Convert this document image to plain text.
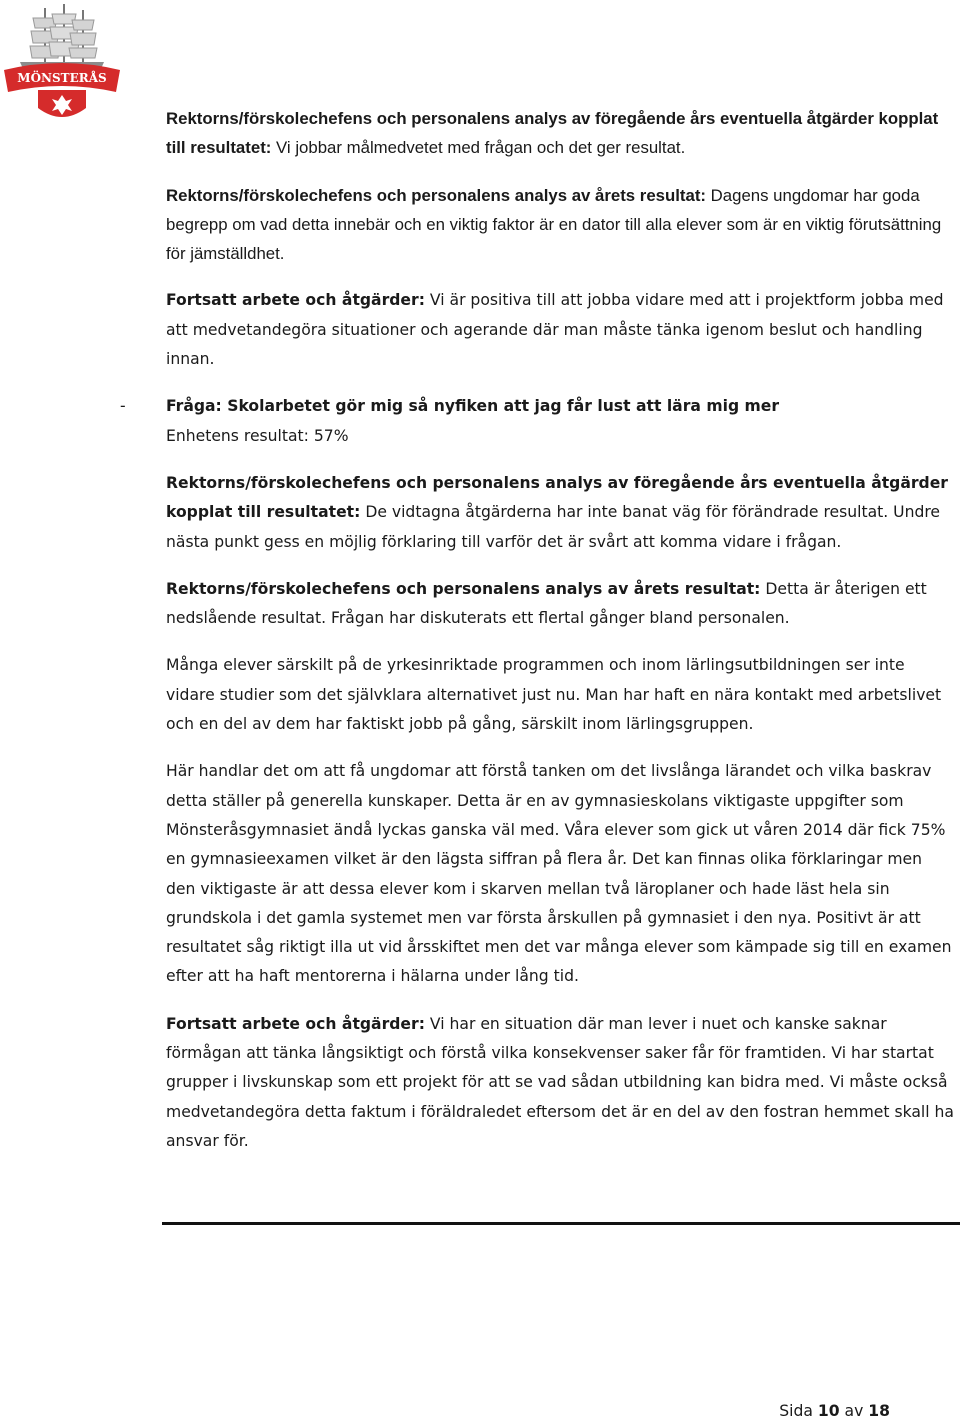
MÖNSTERÅS

Rektorns/förskolechefens och personalens analys av föregående års eventuella åtgärder kopplat till resultatet: Vi jobbar målmedvetet med frågan och det ger resultat.

Rektorns/förskolechefens och personalens analys av årets resultat: Dagens ungdomar har goda begrepp om vad detta innebär och en viktig faktor är en dator till alla elever som är en viktig förutsättning för jämställdhet.

Fortsatt arbete och åtgärder: Vi är positiva till att jobba vidare med att i projektform jobba med att medvetandegöra situationer och agerande där man måste tänka igenom beslut och handling innan.

-	Fråga: Skolarbetet gör mig så nyfiken att jag får lust att lära mig mer
Enhetens resultat: 57%

Rektorns/förskolechefens och personalens analys av föregående års eventuella åtgärder kopplat till resultatet: De vidtagna åtgärderna har inte banat väg för förändrade resultat. Undre nästa punkt gess en möjlig förklaring till varför det är svårt att komma vidare i frågan.

Rektorns/förskolechefens och personalens analys av årets resultat: Detta är återigen ett nedslående resultat. Frågan har diskuterats ett flertal gånger bland personalen.

Många elever särskilt på de yrkesinriktade programmen och inom lärlingsutbildningen ser inte vidare studier som det självklara alternativet just nu. Man har haft en nära kontakt med arbetslivet och en del av dem har faktiskt jobb på gång, särskilt inom lärlingsgruppen.

Här handlar det om att få ungdomar att förstå tanken om det livslånga lärandet och vilka baskrav detta ställer på generella kunskaper. Detta är en av gymnasieskolans viktigaste uppgifter som Mönsteråsgymnasiet ändå lyckas ganska väl med. Våra elever som gick ut våren 2014 där fick 75% en gymnasieexamen vilket är den lägsta siffran på flera år. Det kan finnas olika förklaringar men den viktigaste är att dessa elever kom i skarven mellan två läroplaner och hade läst hela sin grundskola i det gamla systemet men var första årskullen på gymnasiet i den nya. Positivt är att resultatet såg riktigt illa ut vid årsskiftet men det var många elever som kämpade sig till en examen efter att ha haft mentorerna i hälarna under lång tid.

Fortsatt arbete och åtgärder: Vi har en situation där man lever i nuet och kanske saknar förmågan att tänka långsiktigt och förstå vilka konsekvenser saker får för framtiden. Vi har startat grupper i livskunskap som ett projekt för att se vad sådan utbildning kan bidra med. Vi måste också medvetandegöra detta faktum i föräldraledet eftersom det är en del av den fostran hemmet skall ha ansvar för.

Sida 10 av 18
